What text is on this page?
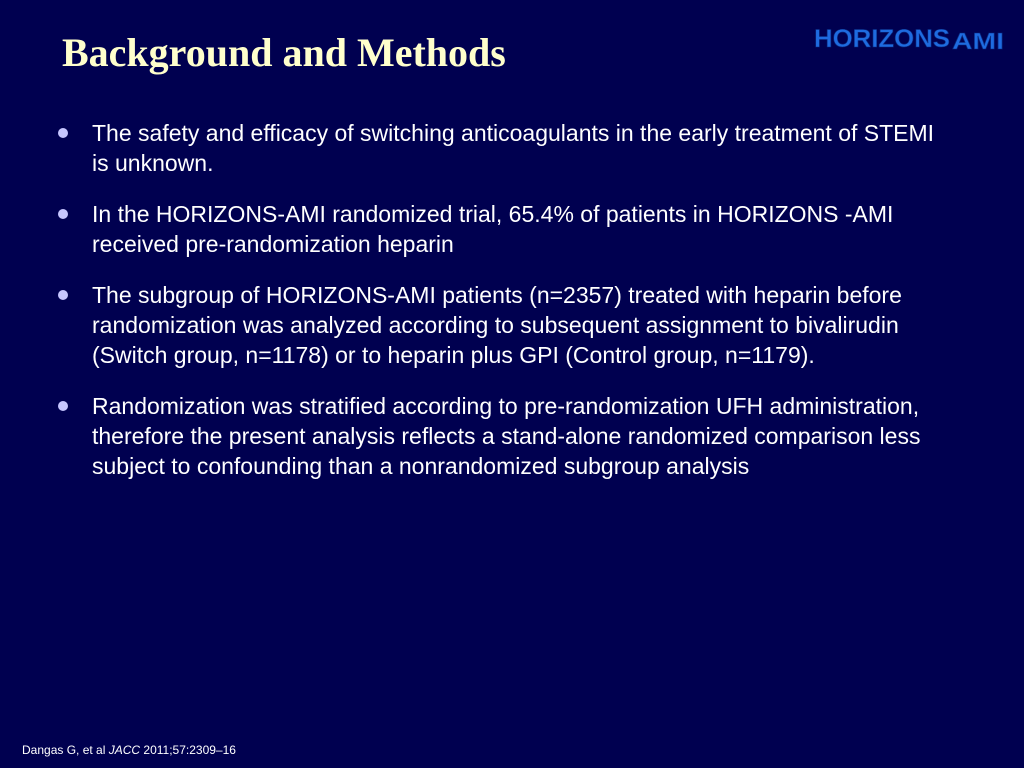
Background and Methods	HORIZONS AMI
The safety and efficacy of switching anticoagulants in the early treatment of STEMI is unknown.
In the HORIZONS-AMI randomized trial, 65.4% of patients in HORIZONS -AMI received pre-randomization heparin
The subgroup of HORIZONS-AMI patients (n=2357) treated with heparin before randomization was analyzed according to subsequent assignment to bivalirudin (Switch group, n=1178) or to heparin plus GPI (Control group, n=1179).
Randomization was stratified according to pre-randomization UFH administration, therefore the present analysis reflects a stand-alone randomized comparison less subject to confounding than a nonrandomized subgroup analysis
Dangas G, et al JACC 2011;57:2309–16
